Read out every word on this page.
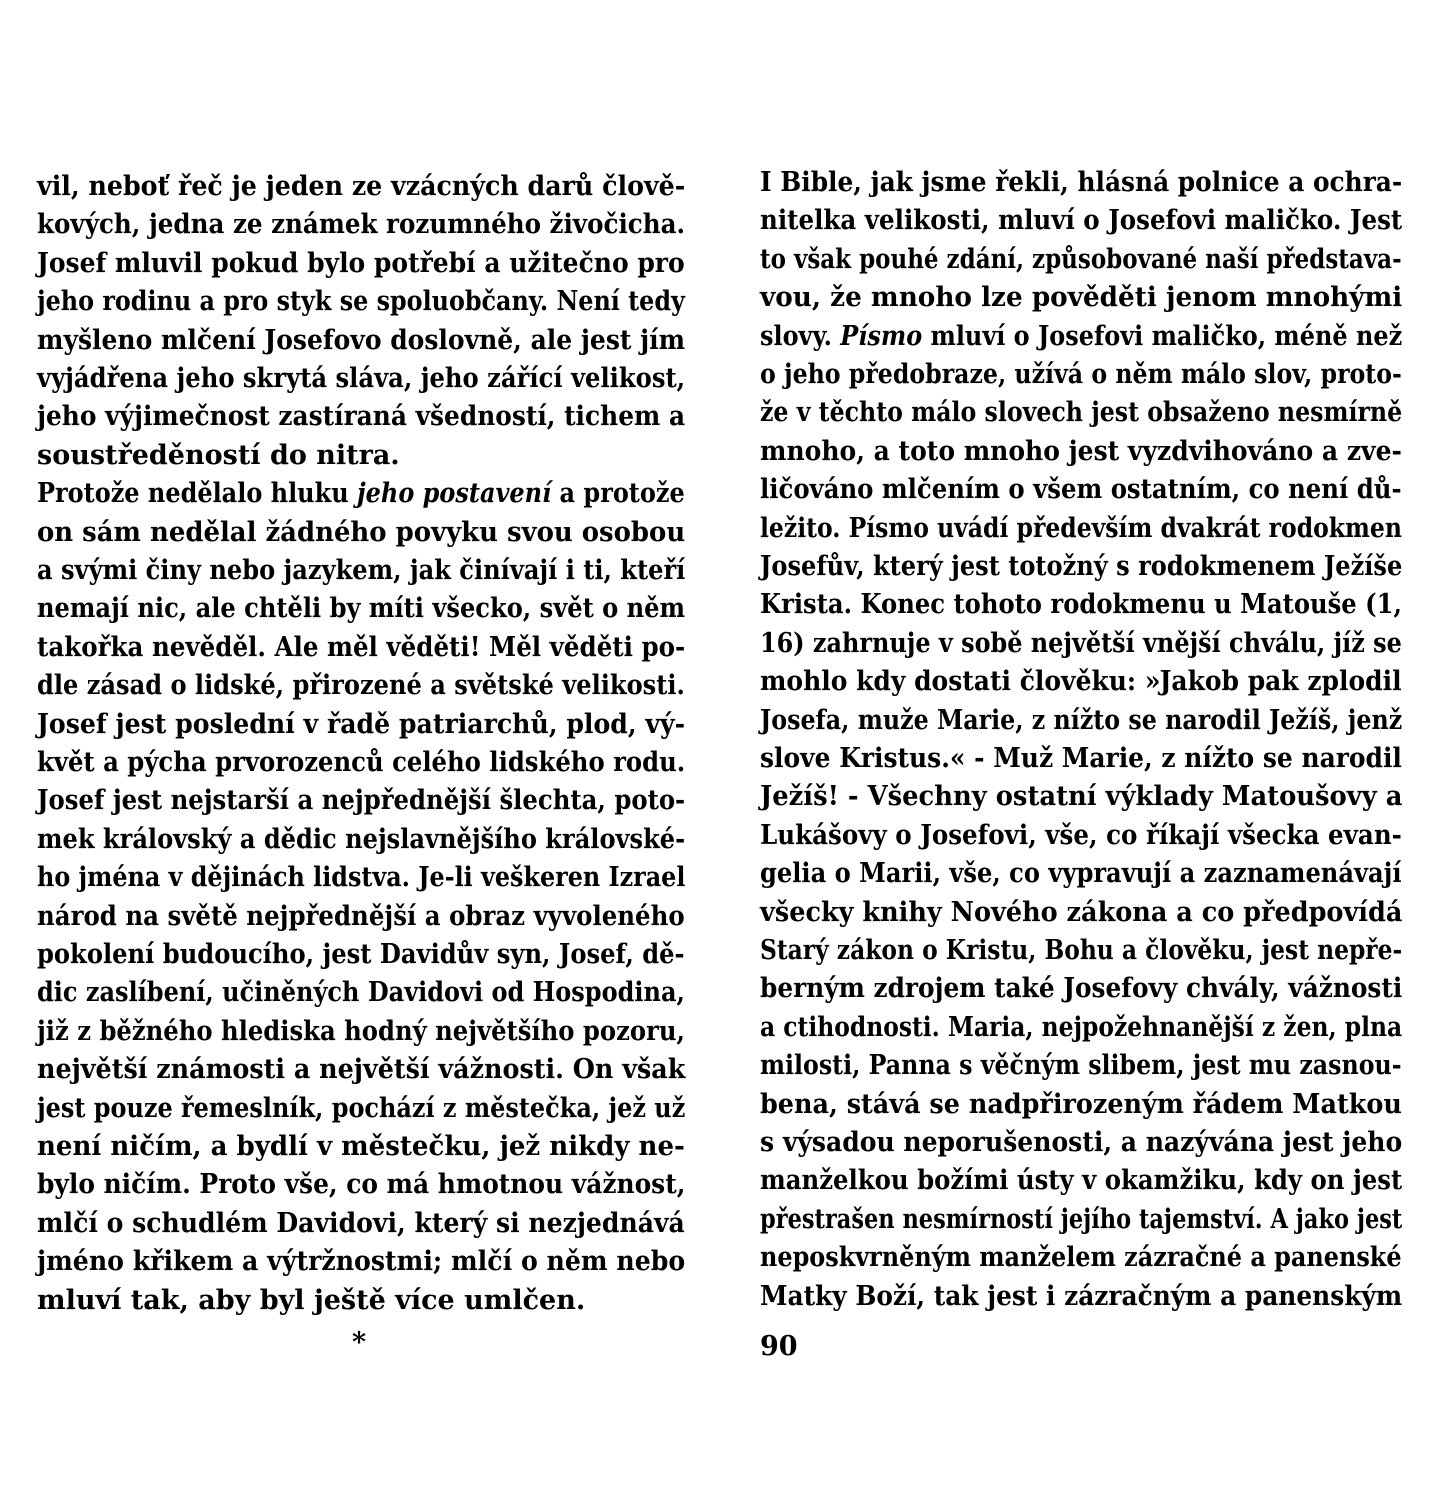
vil, neboť řeč je jeden ze vzácných darů člově-
kových, jedna ze známek rozumného živočicha.
Josef mluvil pokud bylo potřebí a užitečno pro
jeho rodinu a pro styk se spoluobčany. Není tedy
myšleno mlčení Josefovo doslovně, ale jest jím
vyjádřena jeho skrytá sláva, jeho zářící velikost,
jeho výjimečnost zastíraná všedností, tichem a
soustředěností do nitra.
Protože nedělalo hluku jeho postavení a protože
on sám nedělal žádného povyku svou osobou
a svými činy nebo jazykem, jak činívají i ti, kteří
nemají nic, ale chtěli by míti všecko, svět o něm
takořka nevěděl. Ale měl věděti! Měl věděti po-
dle zásad o lidské, přirozené a světské velikosti.
Josef jest poslední v řadě patriarchů, plod, vý-
květ a pýcha prvorozenců celého lidského rodu.
Josef jest nejstarší a nejpřednější šlechta, poto-
mek královský a dědic nejslavnějšího královské-
ho jména v dějinách lidstva. Je-li veškeren Izrael
národ na světě nejpřednější a obraz vyvoleného
pokolení budoucího, jest Davidův syn, Josef, dě-
dic zaslíbení, učiněných Davidovi od Hospodina,
již z běžného hlediska hodný největšího pozoru,
největší známosti a největší vážnosti. On však
jest pouze řemeslník, pochází z městečka, jež už
není ničím, a bydlí v městečku, jež nikdy ne-
bylo ničím. Proto vše, co má hmotnou vážnost,
mlčí o schudlém Davidovi, který si nezjednává
jméno křikem a výtržnostmi; mlčí o něm nebo
mluví tak, aby byl ještě více umlčen.
I Bible, jak jsme řekli, hlásná polnice a ochra-
nitelka velikosti, mluví o Josefovi maličko. Jest
to však pouhé zdání, způsobované naší představa-
vou, že mnoho lze pověděti jenom mnohými
slovy. Písmo mluví o Josefovi maličko, méně než
o jeho předobraze, užívá o něm málo slov, proto-
že v těchto málo slovech jest obsaženo nesmírně
mnoho, a toto mnoho jest vyzdvihováno a zve-
ličováno mlčením o všem ostatním, co není dů-
ležito. Písmo uvádí především dvakrát rodokmen
Josefův, který jest totožný s rodokmenem Ježíše
Krista. Konec tohoto rodokmenu u Matouše (1,
16) zahrnuje v sobě největší vnější chválu, jíž se
mohlo kdy dostati člověku: »Jakob pak zplodil
Josefa, muže Marie, z nížto se narodil Ježíš, jenž
slove Kristus.« - Muž Marie, z nížto se narodil
Ježíš! - Všechny ostatní výklady Matoušovy a
Lukášovy o Josefovi, vše, co říkají všecka evan-
gelia o Marii, vše, co vypravují a zaznamenávají
všecky knihy Nového zákona a co předpovídá
Starý zákon o Kristu, Bohu a člověku, jest nepře-
berným zdrojem také Josefovy chvály, vážnosti
a ctihodnosti. Maria, nejpožehnanější z žen, plna
milosti, Panna s věčným slibem, jest mu zasnou-
bena, stává se nadpřirozeným řádem Matkou
s výsadou neporušenosti, a nazývána jest jeho
manželkou božími ústy v okamžiku, kdy on jest
přestrašen nesmírností jejího tajemství. A jako jest
neposkvrněným manželem zázračné a panenské
Matky Boží, tak jest i zázračným a panenským
*	90
